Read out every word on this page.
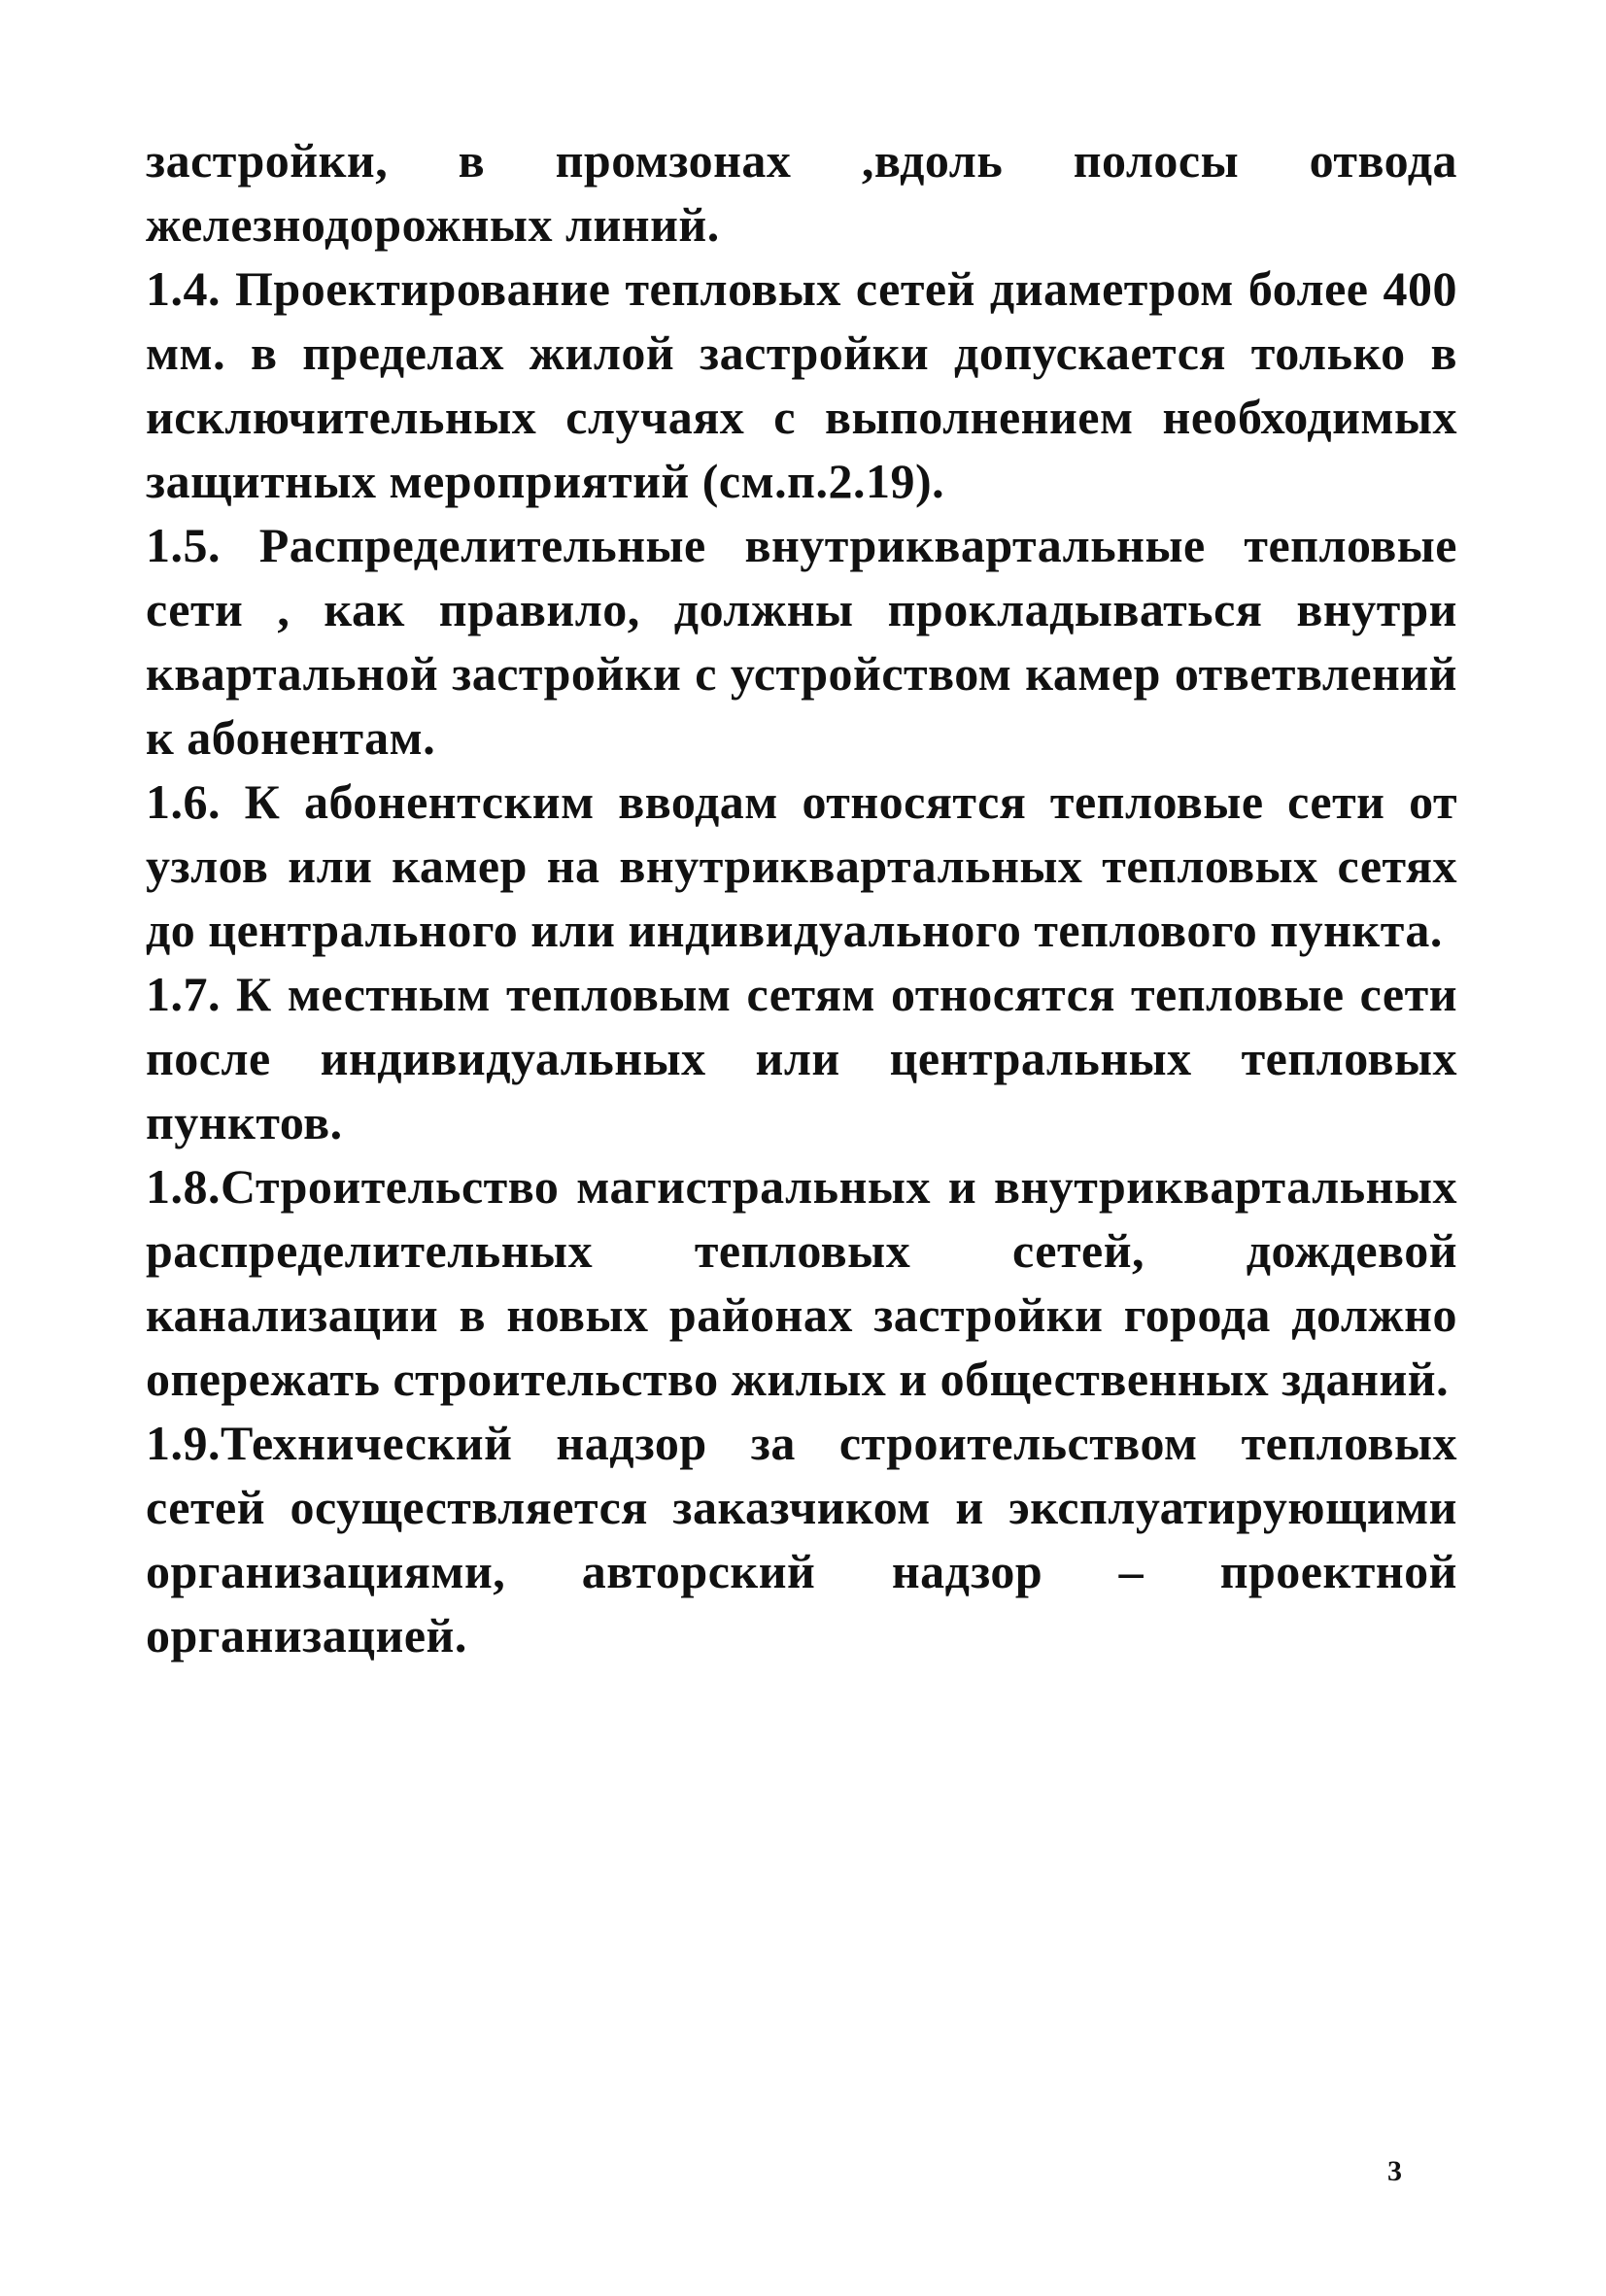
застройки, в промзонах ,вдоль полосы отвода железнодорожных линий.

1.4. Проектирование тепловых сетей диаметром более 400 мм. в пределах жилой застройки допускается только в исключительных случаях с выполнением необходимых защитных мероприятий (см.п.2.19).

1.5. Распределительные внутриквартальные тепловые сети , как правило, должны прокладываться внутри квартальной застройки с устройством камер ответвлений к абонентам.

1.6. К абонентским вводам относятся тепловые сети от узлов или камер на внутриквартальных тепловых сетях до центрального или индивидуального теплового пункта.

1.7. К местным тепловым сетям относятся тепловые сети после индивидуальных или центральных тепловых пунктов.

1.8.Строительство магистральных и внутриквартальных распределительных тепловых сетей, дождевой канализации в новых районах застройки города должно опережать строительство жилых и общественных зданий.

1.9.Технический надзор за строительством тепловых сетей осуществляется заказчиком и эксплуатирующими организациями, авторский надзор – проектной организацией.

3
